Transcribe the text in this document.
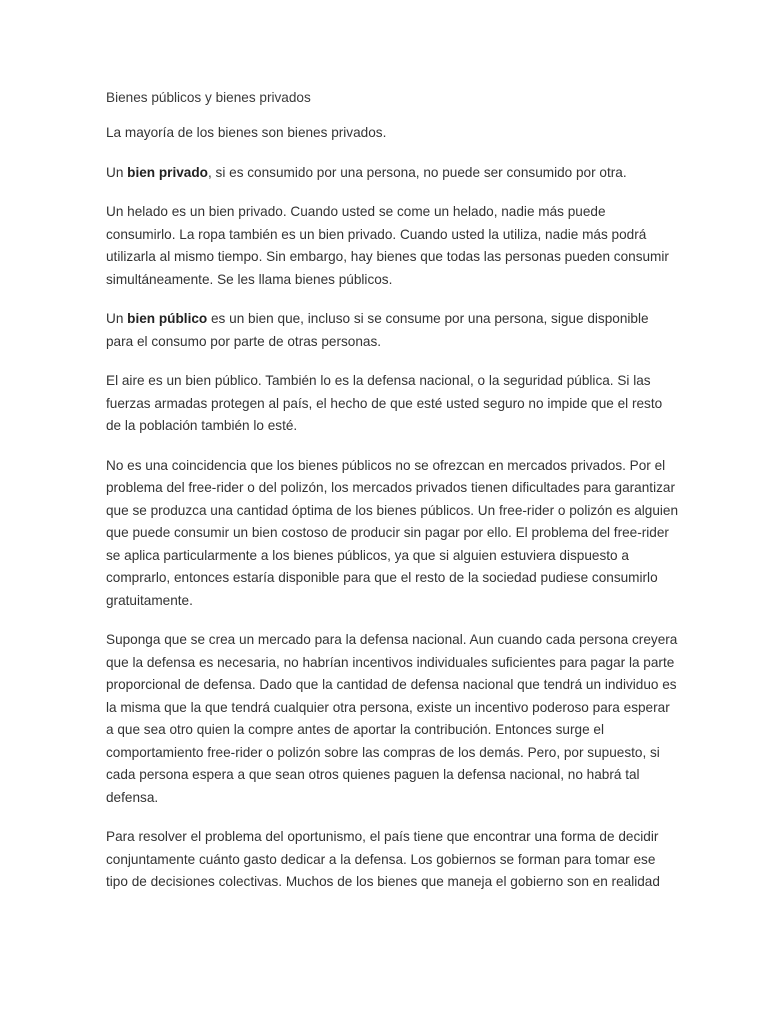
Bienes públicos y bienes privados
La mayoría de los bienes son bienes privados.
Un bien privado, si es consumido por una persona, no puede ser consumido por otra.
Un helado es un bien privado. Cuando usted se come un helado, nadie más puede
consumirlo. La ropa también es un bien privado. Cuando usted la utiliza, nadie más podrá
utilizarla al mismo tiempo. Sin embargo, hay bienes que todas las personas pueden consumir
simultáneamente. Se les llama bienes públicos.
Un bien público es un bien que, incluso si se consume por una persona, sigue disponible
para el consumo por parte de otras personas.
El aire es un bien público. También lo es la defensa nacional, o la seguridad pública. Si las
fuerzas armadas protegen al país, el hecho de que esté usted seguro no impide que el resto
de la población también lo esté.
No es una coincidencia que los bienes públicos no se ofrezcan en mercados privados. Por el
problema del free-rider o del polizón, los mercados privados tienen dificultades para garantizar
que se produzca una cantidad óptima de los bienes públicos. Un free-rider o polizón es alguien
que puede consumir un bien costoso de producir sin pagar por ello. El problema del free-rider
se aplica particularmente a los bienes públicos, ya que si alguien estuviera dispuesto a
comprarlo, entonces estaría disponible para que el resto de la sociedad pudiese consumirlo
gratuitamente.
Suponga que se crea un mercado para la defensa nacional. Aun cuando cada persona creyera
que la defensa es necesaria, no habrían incentivos individuales suficientes para pagar la parte
proporcional de defensa. Dado que la cantidad de defensa nacional que tendrá un individuo es
la misma que la que tendrá cualquier otra persona, existe un incentivo poderoso para esperar
a que sea otro quien la compre antes de aportar la contribución. Entonces surge el
comportamiento free-rider o polizón sobre las compras de los demás. Pero, por supuesto, si
cada persona espera a que sean otros quienes paguen la defensa nacional, no habrá tal
defensa.
Para resolver el problema del oportunismo, el país tiene que encontrar una forma de decidir
conjuntamente cuánto gasto dedicar a la defensa. Los gobiernos se forman para tomar ese
tipo de decisiones colectivas. Muchos de los bienes que maneja el gobierno son en realidad
